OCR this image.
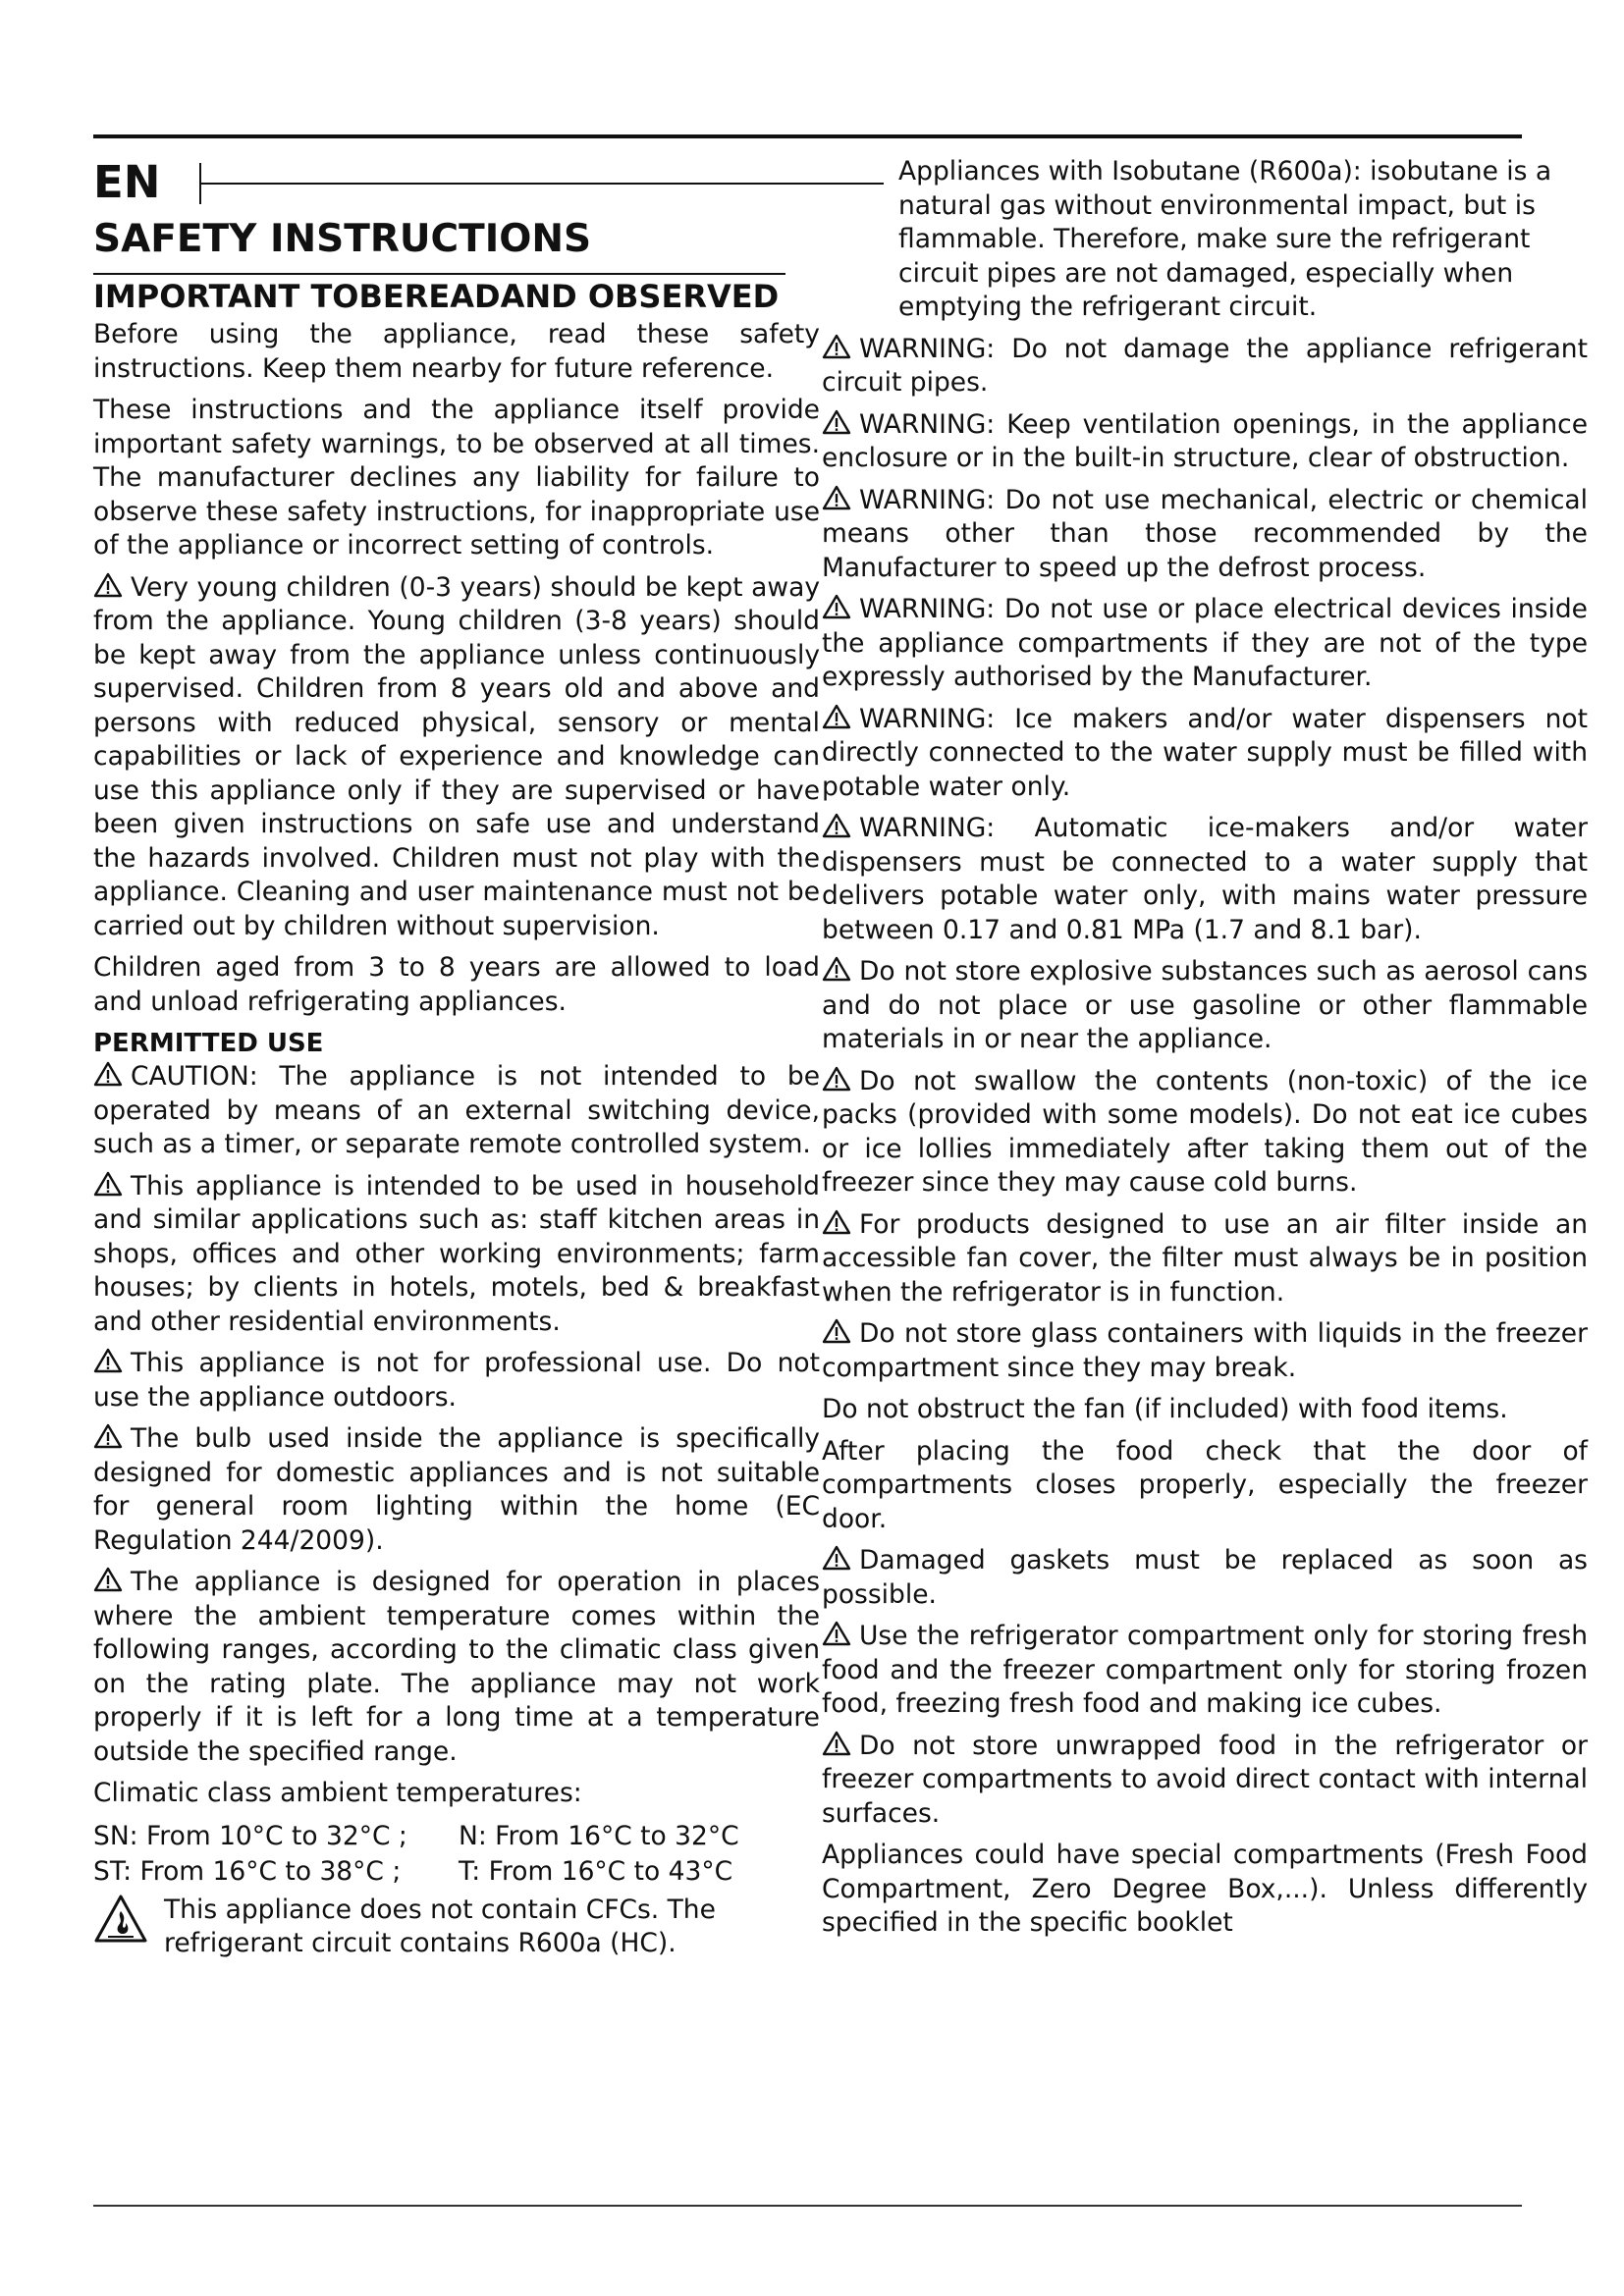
EN
SAFETY INSTRUCTIONS
IMPORTANT TOBEREADAND OBSERVED

Before using the appliance, read these safety instructions. Keep them nearby for future reference.

These instructions and the appliance itself provide important safety warnings, to be observed at all times. The manufacturer declines any liability for failure to observe these safety instructions, for inappropriate use of the appliance or incorrect setting of controls.

Very young children (0-3 years) should be kept away from the appliance. Young children (3-8 years) should be kept away from the appliance unless continuously supervised. Children from 8 years old and above and persons with reduced physical, sensory or mental capabilities or lack of experience and knowledge can use this appliance only if they are supervised or have been given instructions on safe use and understand the hazards involved. Children must not play with the appliance. Cleaning and user maintenance must not be carried out by children without supervision.

Children aged from 3 to 8 years are allowed to load and unload refrigerating appliances.

PERMITTED USE

CAUTION: The appliance is not intended to be operated by means of an external switching device, such as a timer, or separate remote controlled system.

This appliance is intended to be used in household and similar applications such as: staff kitchen areas in shops, offices and other working environments; farm houses; by clients in hotels, motels, bed & breakfast and other residential environments.

This appliance is not for professional use. Do not use the appliance outdoors.

The bulb used inside the appliance is specifically designed for domestic appliances and is not suitable for general room lighting within the home (EC Regulation 244/2009).

The appliance is designed for operation in places where the ambient temperature comes within the following ranges, according to the climatic class given on the rating plate. The appliance may not work properly if it is left for a long time at a temperature outside the specified range.

Climatic class ambient temperatures:

SN: From 10°C to 32°C ;	N: From 16°C to 32°C
ST: From 16°C to 38°C ;	T: From 16°C to 43°C

This appliance does not contain CFCs. The refrigerant circuit contains R600a (HC).

Appliances with Isobutane (R600a): isobutane is a natural gas without environmental impact, but is flammable. Therefore, make sure the refrigerant circuit pipes are not damaged, especially when emptying the refrigerant circuit.

WARNING: Do not damage the appliance refrigerant circuit pipes.

WARNING: Keep ventilation openings, in the appliance enclosure or in the built-in structure, clear of obstruction.

WARNING: Do not use mechanical, electric or chemical means other than those recommended by the Manufacturer to speed up the defrost process.

WARNING: Do not use or place electrical devices inside the appliance compartments if they are not of the type expressly authorised by the Manufacturer.

WARNING: Ice makers and/or water dispensers not directly connected to the water supply must be filled with potable water only.

WARNING: Automatic ice-makers and/or water dispensers must be connected to a water supply that delivers potable water only, with mains water pressure between 0.17 and 0.81 MPa (1.7 and 8.1 bar).

Do not store explosive substances such as aerosol cans and do not place or use gasoline or other flammable materials in or near the appliance.

Do not swallow the contents (non-toxic) of the ice packs (provided with some models). Do not eat ice cubes or ice lollies immediately after taking them out of the freezer since they may cause cold burns.

For products designed to use an air filter inside an accessible fan cover, the filter must always be in position when the refrigerator is in function.

Do not store glass containers with liquids in the freezer compartment since they may break.

Do not obstruct the fan (if included) with food items.

After placing the food check that the door of compartments closes properly, especially the freezer door.

Damaged gaskets must be replaced as soon as possible.

Use the refrigerator compartment only for storing fresh food and the freezer compartment only for storing frozen food, freezing fresh food and making ice cubes.

Do not store unwrapped food in the refrigerator or freezer compartments to avoid direct contact with internal surfaces.

Appliances could have special compartments (Fresh Food Compartment, Zero Degree Box,...). Unless differently specified in the specific booklet
